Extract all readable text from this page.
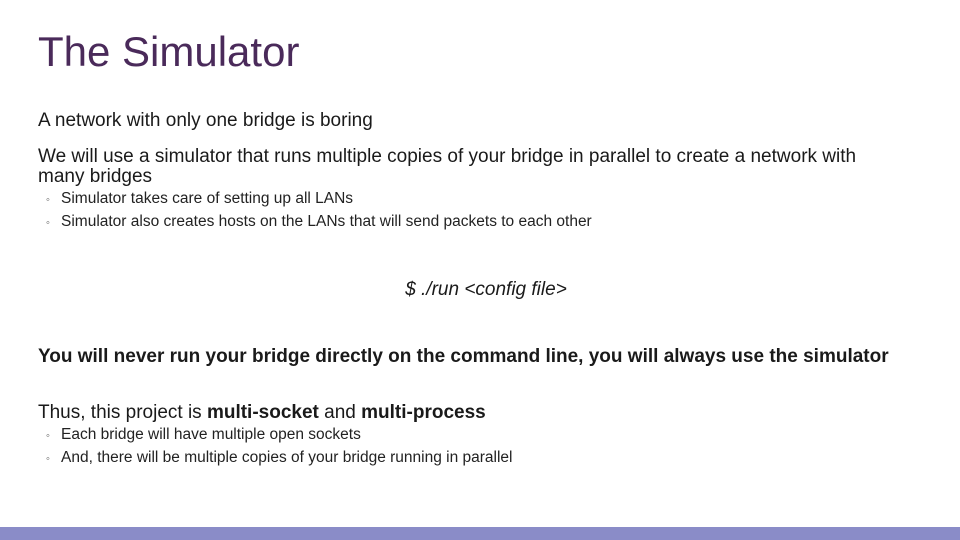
The Simulator

A network with only one bridge is boring

We will use a simulator that runs multiple copies of your bridge in parallel to create a network with many bridges

◦ Simulator takes care of setting up all LANs
◦ Simulator also creates hosts on the LANs that will send packets to each other

$ ./run <config file>

You will never run your bridge directly on the command line, you will always use the simulator

Thus, this project is multi-socket and multi-process

◦ Each bridge will have multiple open sockets
◦ And, there will be multiple copies of your bridge running in parallel
